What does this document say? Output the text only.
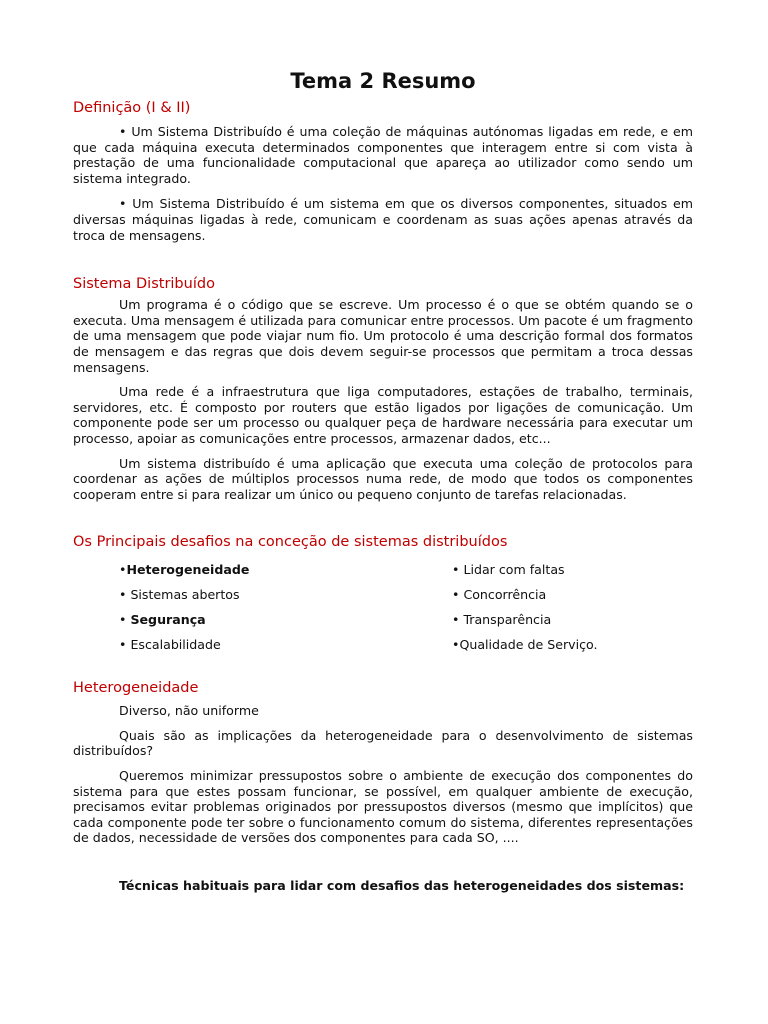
Tema 2 Resumo
Definição (I & II)

• Um Sistema Distribuído é uma coleção de máquinas autónomas ligadas em rede, e em que cada máquina executa determinados componentes que interagem entre si com vista à prestação de uma funcionalidade computacional que apareça ao utilizador como sendo um sistema integrado.

• Um Sistema Distribuído é um sistema em que os diversos componentes, situados em diversas máquinas ligadas à rede, comunicam e coordenam as suas ações apenas através da troca de mensagens.

Sistema Distribuído

Um programa é o código que se escreve. Um processo é o que se obtém quando se o executa. Uma mensagem é utilizada para comunicar entre processos. Um pacote é um fragmento de uma mensagem que pode viajar num fio. Um protocolo é uma descrição formal dos formatos de mensagem e das regras que dois devem seguir-se processos que permitam a troca dessas mensagens.

Uma rede é a infraestrutura que liga computadores, estações de trabalho, terminais, servidores, etc. É composto por routers que estão ligados por ligações de comunicação. Um componente pode ser um processo ou qualquer peça de hardware necessária para executar um processo, apoiar as comunicações entre processos, armazenar dados, etc...

Um sistema distribuído é uma aplicação que executa uma coleção de protocolos para coordenar as ações de múltiplos processos numa rede, de modo que todos os componentes cooperam entre si para realizar um único ou pequeno conjunto de tarefas relacionadas.

Os Principais desafios na conceção de sistemas distribuídos
•Heterogeneidade
• Sistemas abertos
• Segurança
• Escalabilidade
• Lidar com faltas
• Concorrência
• Transparência
•Qualidade de Serviço.
Heterogeneidade

Diverso, não uniforme

Quais são as implicações da heterogeneidade para o desenvolvimento de sistemas distribuídos?

Queremos minimizar pressupostos sobre o ambiente de execução dos componentes do sistema para que estes possam funcionar, se possível, em qualquer ambiente de execução, precisamos evitar problemas originados por pressupostos diversos (mesmo que implícitos) que cada componente pode ter sobre o funcionamento comum do sistema, diferentes representações de dados, necessidade de versões dos componentes para cada SO, ....

Técnicas habituais para lidar com desafios das heterogeneidades dos sistemas:
